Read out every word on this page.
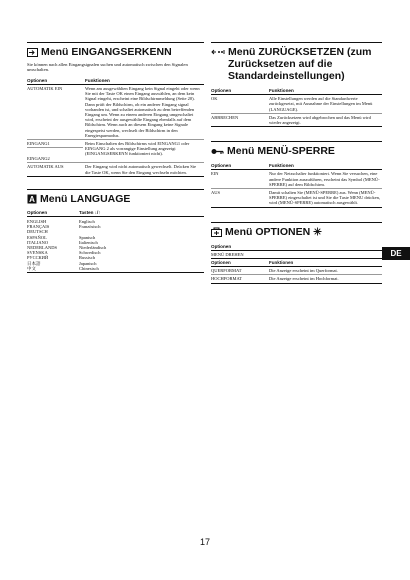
Menü EINGANGSERKENN

Sie können nach allen Eingangsignalen suchen und automatisch zwischen den Signalen umschalten.

Optionen	Funktionen
AUTOMATIK EIN	Wenn am ausgewählten Eingang kein Signal eingeht oder wenn Sie mit der Taste OK einen Eingang auswählen, an dem kein Signal eingeht, erscheint eine Bildschirmmeldung (Seite 20). Dann prüft der Bildschirm, ob ein anderer Eingang signal vorhanden ist, und schaltet automatisch zu dem betreffenden Eingang um. Wenn zu einem anderen Eingang umgeschaltet wird, erscheint der ausgewählte Eingang ebenfalls auf dem Bildschirm. Wenn auch an diesem Eingang keine Signale eingespeist werden, wechselt der Bildschirm in den Energiesparmodus.

EINGANG1
EINGANG2	Beim Einschalten des Bildschirms wird EINGANG1 oder EINGANG 2 als vorrangige Einstellung angezeigt (EINGANGSERKENN funktioniert nicht).
AUTOMATIK AUS	Der Eingang wird nicht automatisch gewechselt. Drücken Sie die Taste OK, wenn Sie den Eingang wechseln möchten.
A Menü LANGUAGE
Optionen	Tasten ↓/↑
ENGLISH	Englisch
FRANÇAIS	Französisch
DEUTSCH	
ESPAÑOL	Spanisch
ITALIANO	Italienisch
NEDERLANDS	Niederländisch
SVENSKA	Schwedisch
РУССКИЙ	Russisch
日本語	Japanisch
中文	Chinesisch
Menü ZURÜCKSETZEN (zum Zurücksetzen auf die Standardeinstellungen)
Optionen	Funktionen
OK	Alle Einstellungen werden auf die Standardwerte zurückgesetzt, mit Ausnahme der Einstellungen im Menü (LANGUAGE).
ABBRECHEN	Das Zurücksetzen wird abgebrochen und das Menü wird wieder angezeigt.
Menü MENÜ-SPERRE
Optionen	Funktionen
EIN	Nur der Netzschalter funktioniert. Wenn Sie versuchen, eine andere Funktion auszuführen, erscheint das Symbol (MENÜ-SPERRE) auf dem Bildschirm.
AUS	Damit schalten Sie (MENÜ-SPERRE) aus. Wenn (MENÜ-SPERRE) eingeschaltet ist und Sie die Taste MENU drücken, wird (MENÜ-SPERRE) automatisch ausgewählt.
Menü OPTIONEN
Optionen	
MENÜ DREHEN	
Optionen	Funktionen
QUERFORMAT	Die Anzeige erscheint im Querformat.
HOCHFORMAT	Die Anzeige erscheint im Hochformat.
DE
17
